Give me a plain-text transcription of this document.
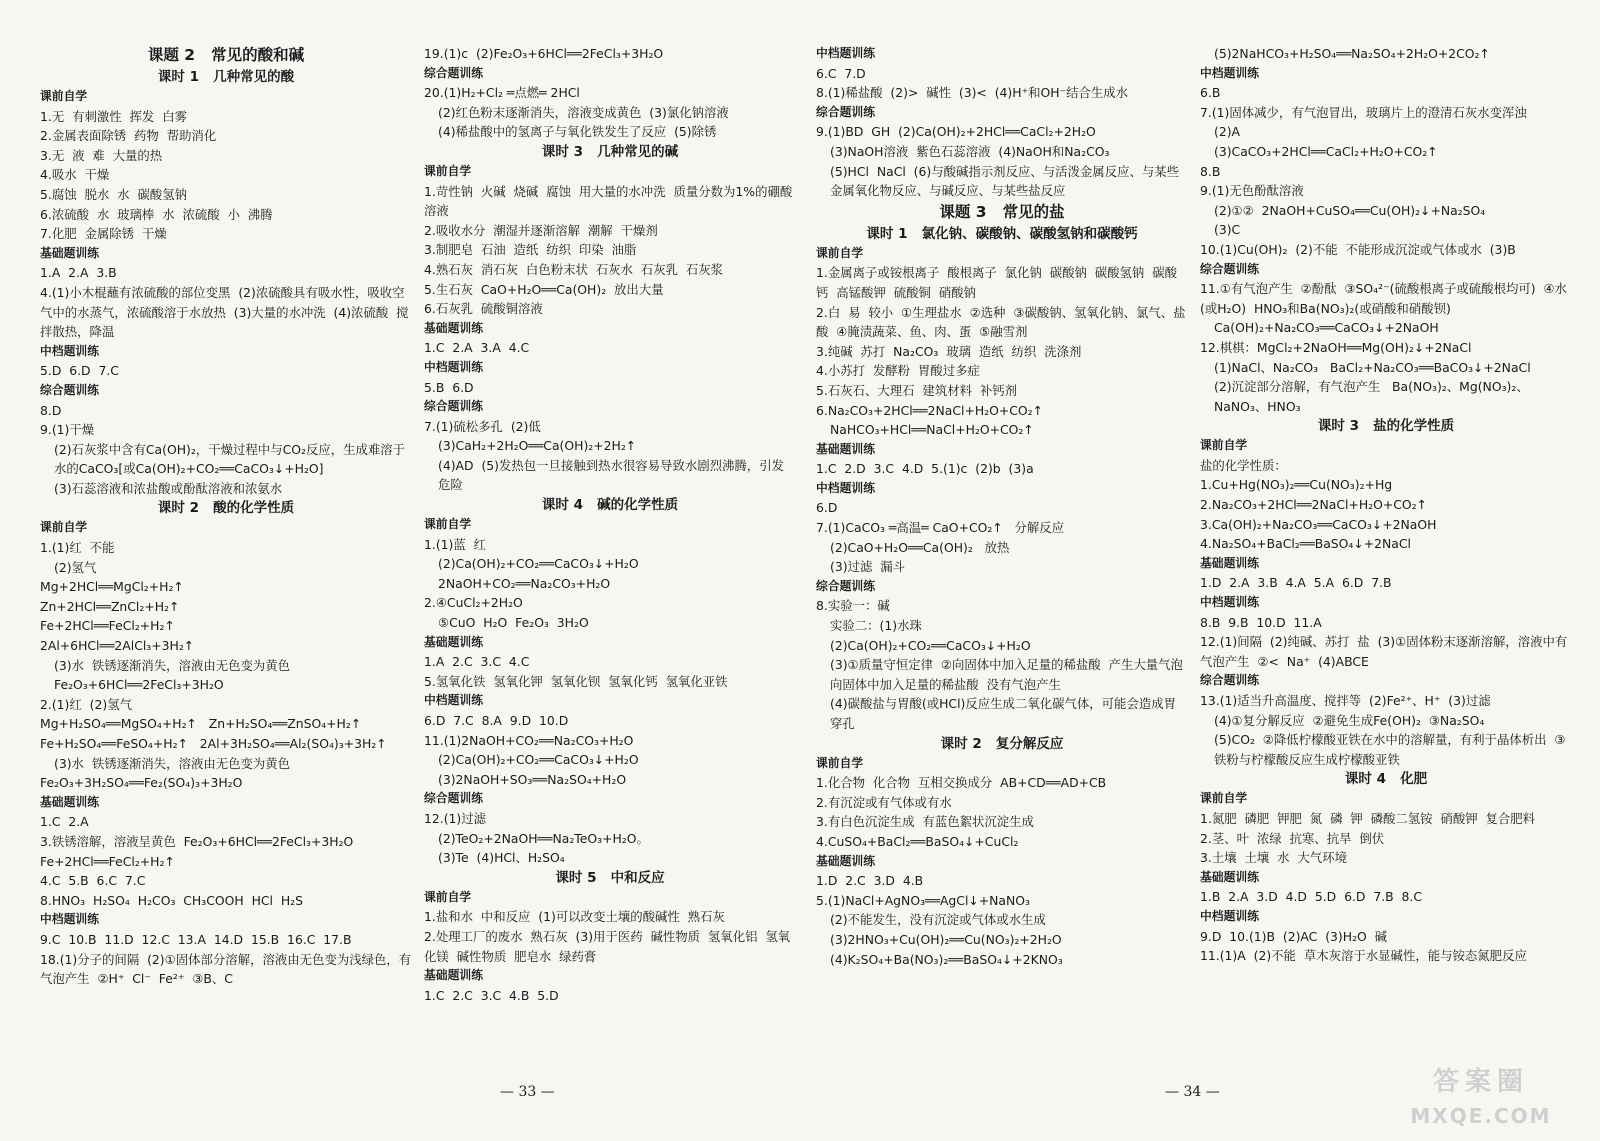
课题 2   常见的酸和碱
课时 1   几种常见的酸
课前自学
1.无  有刺激性  挥发  白雾
2.金属表面除锈  药物  帮助消化
3.无  液  难  大量的热
4.吸水  干燥
5.腐蚀  脱水  水  碳酸氢钠
6.浓硫酸  水  玻璃棒  水  浓硫酸  小  沸腾
7.化肥  金属除锈  干燥
基础题训练
1.A  2.A  3.B
4.(1)小木棍蘸有浓硫酸的部位变黑  (2)浓硫酸具有吸水性，吸收空气中的水蒸气，浓硫酸溶于水放热  (3)大量的水冲洗  (4)浓硫酸  搅拌散热，降温
中档题训练
5.D  6.D  7.C
综合题训练
8.D
9.(1)干燥
(2)石灰浆中含有Ca(OH)₂，干燥过程中与CO₂反应，生成难溶于水的CaCO₃[或Ca(OH)₂+CO₂══CaCO₃↓+H₂O]
(3)石蕊溶液和浓盐酸或酚酞溶液和浓氨水
课时 2   酸的化学性质
课前自学
1.(1)红  不能
(2)氢气
Mg+2HCl══MgCl₂+H₂↑
Zn+2HCl══ZnCl₂+H₂↑
Fe+2HCl══FeCl₂+H₂↑
2Al+6HCl══2AlCl₃+3H₂↑
(3)水  铁锈逐渐消失，溶液由无色变为黄色  Fe₂O₃+6HCl══2FeCl₃+3H₂O
2.(1)红  (2)氢气
Mg+H₂SO₄══MgSO₄+H₂↑   Zn+H₂SO₄══ZnSO₄+H₂↑   Fe+H₂SO₄══FeSO₄+H₂↑   2Al+3H₂SO₄══Al₂(SO₄)₃+3H₂↑
(3)水  铁锈逐渐消失，溶液由无色变为黄色
Fe₂O₃+3H₂SO₄══Fe₂(SO₄)₃+3H₂O
基础题训练
1.C  2.A
3.铁锈溶解，溶液呈黄色  Fe₂O₃+6HCl══2FeCl₃+3H₂O  Fe+2HCl══FeCl₂+H₂↑
4.C  5.B  6.C  7.C
8.HNO₃  H₂SO₄  H₂CO₃  CH₃COOH  HCl  H₂S
中档题训练
9.C  10.B  11.D  12.C  13.A  14.D  15.B  16.C  17.B
18.(1)分子的间隔  (2)①固体部分溶解，溶液由无色变为浅绿色，有气泡产生  ②H⁺  Cl⁻  Fe²⁺  ③B、C
19.(1)c  (2)Fe₂O₃+6HCl══2FeCl₃+3H₂O
综合题训练
20.(1)H₂+Cl₂ ═点燃═ 2HCl
(2)红色粉末逐渐消失，溶液变成黄色  (3)氯化钠溶液
(4)稀盐酸中的氢离子与氧化铁发生了反应  (5)除锈
课时 3   几种常见的碱
课前自学
1.苛性钠  火碱  烧碱  腐蚀  用大量的水冲洗  质量分数为1%的硼酸溶液
2.吸收水分  潮湿并逐渐溶解  潮解  干燥剂
3.制肥皂  石油  造纸  纺织  印染  油脂
4.熟石灰  消石灰  白色粉末状  石灰水  石灰乳  石灰浆
5.生石灰  CaO+H₂O══Ca(OH)₂  放出大量
6.石灰乳  硫酸铜溶液
基础题训练
1.C  2.A  3.A  4.C
中档题训练
5.B  6.D
综合题训练
7.(1)硫松多孔  (2)低
(3)CaH₂+2H₂O══Ca(OH)₂+2H₂↑
(4)AD  (5)发热包一旦接触到热水很容易导致水剧烈沸腾，引发危险
课时 4   碱的化学性质
课前自学
1.(1)蓝  红
(2)Ca(OH)₂+CO₂══CaCO₃↓+H₂O  2NaOH+CO₂══Na₂CO₃+H₂O
2.④CuCl₂+2H₂O
⑤CuO  H₂O  Fe₂O₃  3H₂O
基础题训练
1.A  2.C  3.C  4.C
5.氢氧化铁  氢氧化钾  氢氧化钡  氢氧化钙  氢氧化亚铁
中档题训练
6.D  7.C  8.A  9.D  10.D
11.(1)2NaOH+CO₂══Na₂CO₃+H₂O
(2)Ca(OH)₂+CO₂══CaCO₃↓+H₂O
(3)2NaOH+SO₃══Na₂SO₄+H₂O
综合题训练
12.(1)过滤
(2)TeO₂+2NaOH══Na₂TeO₃+H₂O。
(3)Te  (4)HCl、H₂SO₄
课时 5   中和反应
课前自学
1.盐和水  中和反应  (1)可以改变土壤的酸碱性  熟石灰
2.处理工厂的废水  熟石灰  (3)用于医药  碱性物质  氢氧化铝  氢氧化镁  碱性物质  肥皂水  绿药膏
基础题训练
1.C  2.C  3.C  4.B  5.D
中档题训练
6.C  7.D
8.(1)稀盐酸  (2)>  碱性  (3)<  (4)H⁺和OH⁻结合生成水
综合题训练
9.(1)BD  GH  (2)Ca(OH)₂+2HCl══CaCl₂+2H₂O
(3)NaOH溶液  紫色石蕊溶液  (4)NaOH和Na₂CO₃
(5)HCl  NaCl  (6)与酸碱指示剂反应、与活泼金属反应、与某些金属氧化物反应、与碱反应、与某些盐反应
课题 3   常见的盐
课时 1   氯化钠、碳酸钠、碳酸氢钠和碳酸钙
课前自学
1.金属离子或铵根离子  酸根离子  氯化钠  碳酸钠  碳酸氢钠  碳酸钙  高锰酸钾  硫酸铜  硝酸钠
2.白  易  较小  ①生理盐水  ②选种  ③碳酸钠、氢氧化钠、氯气、盐酸  ④腌渍蔬菜、鱼、肉、蛋  ⑤融雪剂
3.纯碱  苏打  Na₂CO₃  玻璃  造纸  纺织  洗涤剂
4.小苏打  发酵粉  胃酸过多症
5.石灰石、大理石  建筑材料  补钙剂
6.Na₂CO₃+2HCl══2NaCl+H₂O+CO₂↑
NaHCO₃+HCl══NaCl+H₂O+CO₂↑
基础题训练
1.C  2.D  3.C  4.D  5.(1)c  (2)b  (3)a
中档题训练
6.D
7.(1)CaCO₃ ═高温═ CaO+CO₂↑   分解反应
(2)CaO+H₂O══Ca(OH)₂   放热
(3)过滤  漏斗
综合题训练
8.实验一：碱
实验二：(1)水珠
(2)Ca(OH)₂+CO₂══CaCO₃↓+H₂O
(3)①质量守恒定律  ②向固体中加入足量的稀盐酸  产生大量气泡
向固体中加入足量的稀盐酸  没有气泡产生
(4)碳酸盐与胃酸(或HCl)反应生成二氧化碳气体，可能会造成胃穿孔
课时 2   复分解反应
课前自学
1.化合物  化合物  互相交换成分  AB+CD══AD+CB
2.有沉淀或有气体或有水
3.有白色沉淀生成  有蓝色絮状沉淀生成
4.CuSO₄+BaCl₂══BaSO₄↓+CuCl₂
基础题训练
1.D  2.C  3.D  4.B
5.(1)NaCl+AgNO₃══AgCl↓+NaNO₃
(2)不能发生，没有沉淀或气体或水生成
(3)2HNO₃+Cu(OH)₂══Cu(NO₃)₂+2H₂O
(4)K₂SO₄+Ba(NO₃)₂══BaSO₄↓+2KNO₃
(5)2NaHCO₃+H₂SO₄══Na₂SO₄+2H₂O+2CO₂↑
中档题训练
6.B
7.(1)固体减少，有气泡冒出，玻璃片上的澄清石灰水变浑浊
(2)A
(3)CaCO₃+2HCl══CaCl₂+H₂O+CO₂↑
8.B
9.(1)无色酚酞溶液
(2)①②  2NaOH+CuSO₄══Cu(OH)₂↓+Na₂SO₄
(3)C
10.(1)Cu(OH)₂  (2)不能  不能形成沉淀或气体或水  (3)B
综合题训练
11.①有气泡产生  ②酚酞  ③SO₄²⁻(硫酸根离子或硫酸根均可)  ④水(或H₂O)  HNO₃和Ba(NO₃)₂(或硝酸和硝酸钡)
Ca(OH)₂+Na₂CO₃══CaCO₃↓+2NaOH
12.棋棋：MgCl₂+2NaOH══Mg(OH)₂↓+2NaCl
(1)NaCl、Na₂CO₃   BaCl₂+Na₂CO₃══BaCO₃↓+2NaCl
(2)沉淀部分溶解，有气泡产生   Ba(NO₃)₂、Mg(NO₃)₂、NaNO₃、HNO₃
课时 3   盐的化学性质
课前自学
盐的化学性质：
1.Cu+Hg(NO₃)₂══Cu(NO₃)₂+Hg
2.Na₂CO₃+2HCl══2NaCl+H₂O+CO₂↑
3.Ca(OH)₂+Na₂CO₃══CaCO₃↓+2NaOH
4.Na₂SO₄+BaCl₂══BaSO₄↓+2NaCl
基础题训练
1.D  2.A  3.B  4.A  5.A  6.D  7.B
中档题训练
8.B  9.B  10.D  11.A
12.(1)间隔  (2)纯碱、苏打  盐  (3)①固体粉末逐渐溶解，溶液中有气泡产生  ②<  Na⁺  (4)ABCE
综合题训练
13.(1)适当升高温度、搅拌等  (2)Fe²⁺、H⁺  (3)过滤
(4)①复分解反应  ②避免生成Fe(OH)₂  ③Na₂SO₄
(5)CO₂  ②降低柠檬酸亚铁在水中的溶解量，有利于晶体析出  ③铁粉与柠檬酸反应生成柠檬酸亚铁
课时 4   化肥
课前自学
1.氮肥  磷肥  钾肥  氮  磷  钾  磷酸二氢铵  硝酸钾  复合肥料
2.茎、叶  浓绿  抗寒、抗旱  倒伏
3.土壤  土壤  水  大气环境
基础题训练
1.B  2.A  3.D  4.D  5.D  6.D  7.B  8.C
中档题训练
9.D  10.(1)B  (2)AC  (3)H₂O  碱
11.(1)A  (2)不能  草木灰溶于水显碱性，能与铵态氮肥反应
— 33 —	— 34 —	答案圈
MXQE.COM
